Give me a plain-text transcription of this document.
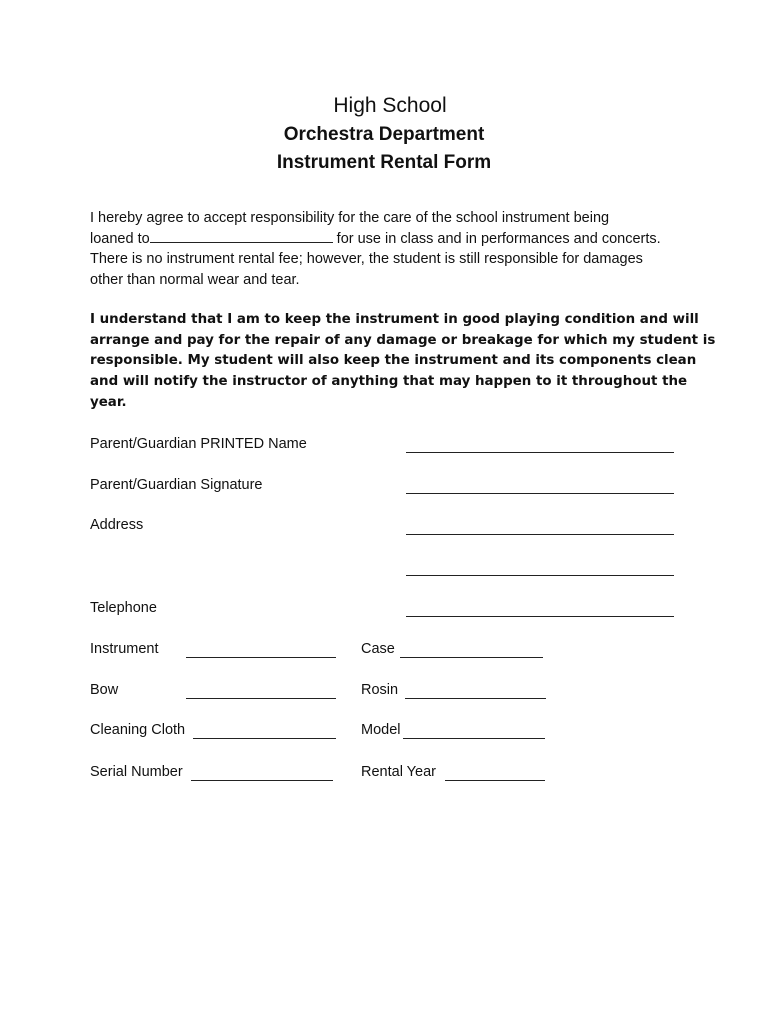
High School
Orchestra Department
Instrument Rental Form
I hereby agree to accept responsibility for the care of the school instrument being
loaned to	for use in class and in performances and concerts.
There is no instrument rental fee; however, the student is still responsible for damages
other than normal wear and tear.
I understand that I am to keep the instrument in good playing condition and will
arrange and pay for the repair of any damage or breakage for which my student is
responsible. My student will also keep the instrument and its components clean
and will notify the instructor of anything that may happen to it throughout the
year.
Parent/Guardian PRINTED Name
Parent/Guardian Signature
Address
Telephone
Instrument
Bow
Cleaning Cloth
Serial Number
Case
Rosin
Model
Rental Year
